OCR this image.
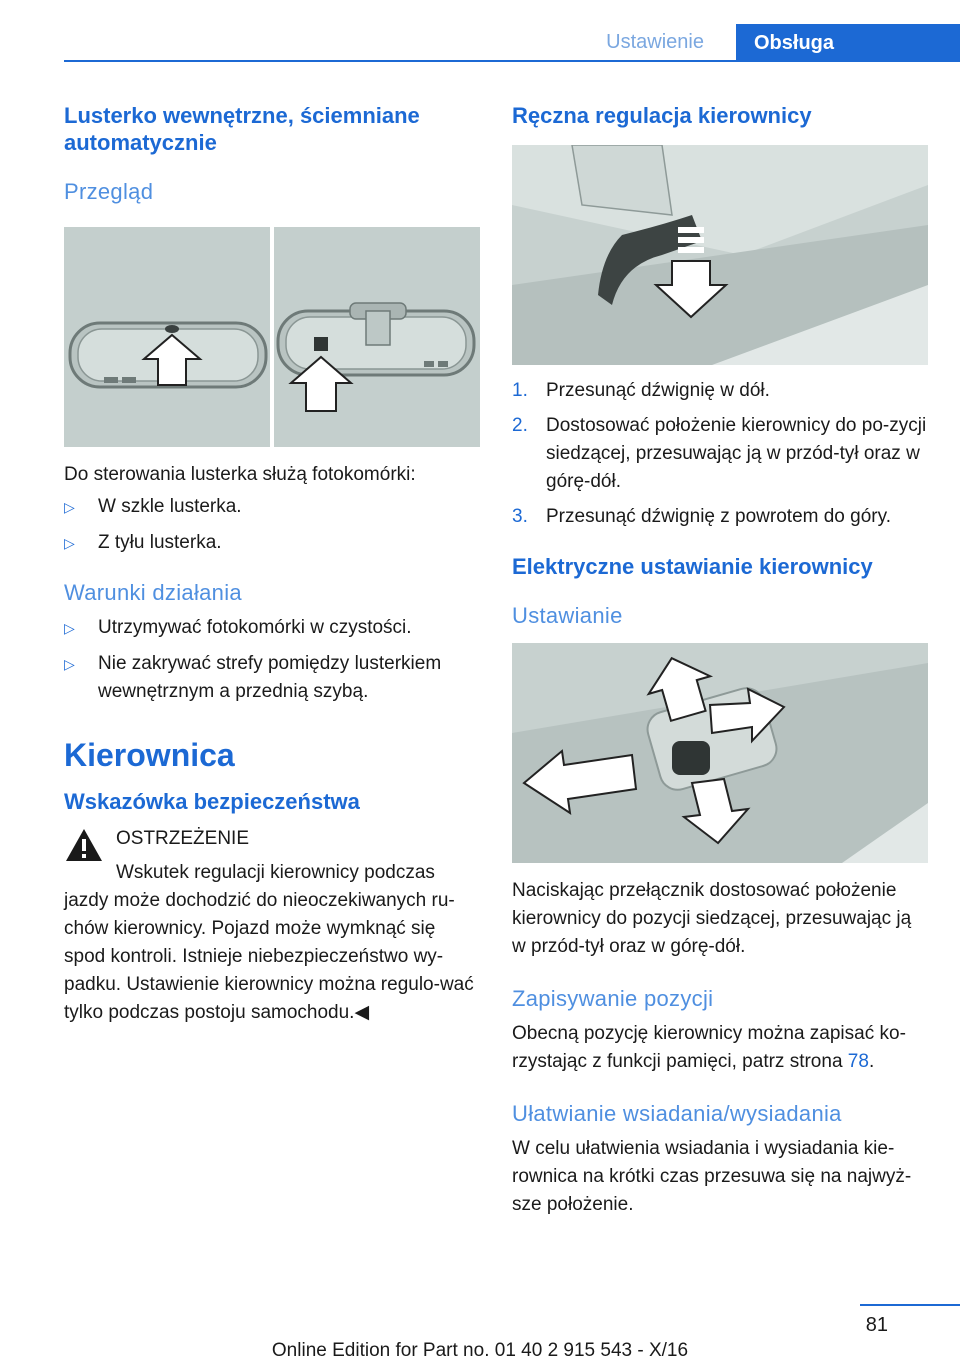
Ustawienie	Obsługa
Lusterko wewnętrzne, ściemniane automatycznie
Przegląd

Do sterowania lusterka służą fotokomórki:

▷ W szkle lusterka.
▷ Z tyłu lusterka.
Warunki działania
▷ Utrzymywać fotokomórki w czystości.
▷ Nie zakrywać strefy pomiędzy lusterkiem wewnętrznym a przednią szybą.
Kierownica
Wskazówka bezpieczeństwa
OSTRZEŻENIE
Wskutek regulacji kierownicy podczas
jazdy może dochodzić do nieoczekiwanych ru-chów kierownicy. Pojazd może wymknąć się spod kontroli. Istnieje niebezpieczeństwo wy-padku. Ustawienie kierownicy można regulo-wać tylko podczas postoju samochodu.◀
Ręczna regulacja kierownicy
1. Przesunąć dźwignię w dół.
2. Dostosować położenie kierownicy do po-zycji siedzącej, przesuwając ją w przód-tył oraz w górę-dół.
3. Przesunąć dźwignię z powrotem do góry.
Elektryczne ustawianie kierownicy
Ustawianie

Naciskając przełącznik dostosować położenie kierownicy do pozycji siedzącej, przesuwając ją w przód-tył oraz w górę-dół.

Zapisywanie pozycji

Obecną pozycję kierownicy można zapisać ko-rzystając z funkcji pamięci, patrz strona 78.

Ułatwianie wsiadania/wysiadania

W celu ułatwienia wsiadania i wysiadania kie-rownica na krótki czas przesuwa się na najwyż-sze położenie.

81
Online Edition for Part no. 01 40 2 915 543 - X/16
